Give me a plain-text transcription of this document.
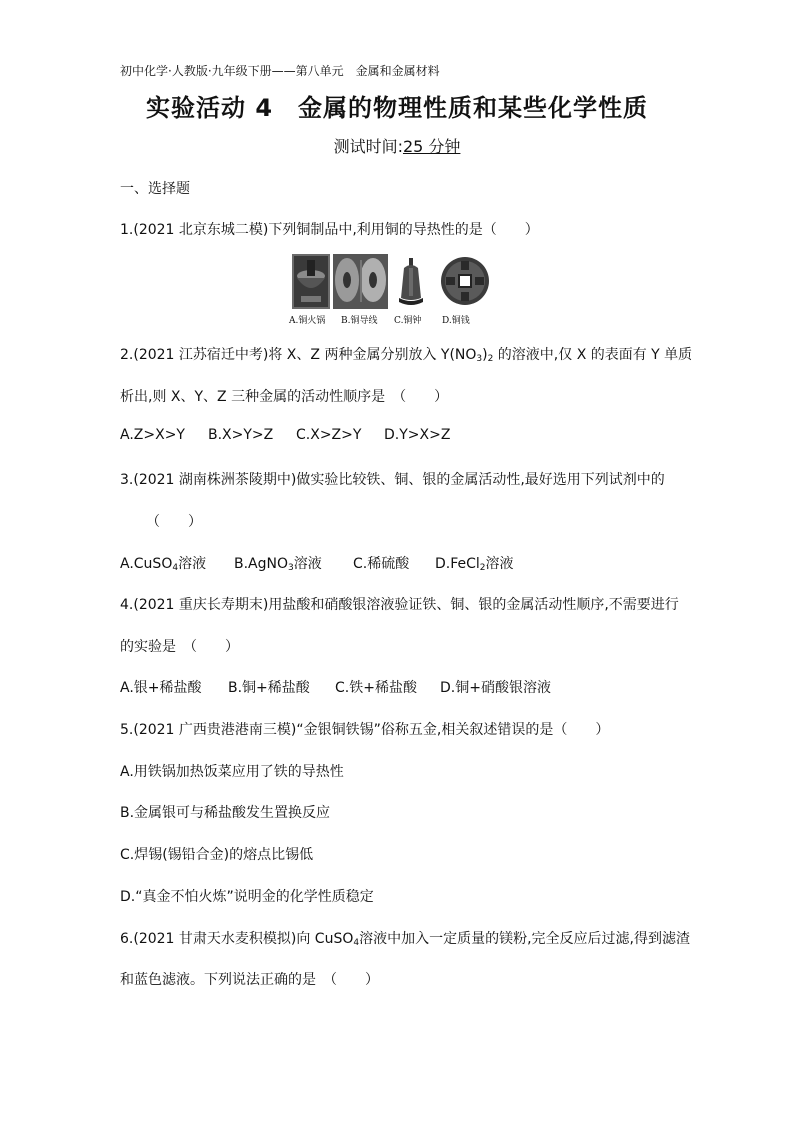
初中化学·人教版·九年级下册——第八单元　金属和金属材料
实验活动 4　金属的物理性质和某些化学性质
测试时间:25 分钟
一、选择题
1.(2021 北京东城二模)下列铜制品中,利用铜的导热性的是（　　）
A.铜火锅 B.铜导线 C.铜钟 D.铜钱
2.(2021 江苏宿迁中考)将 X、Z 两种金属分别放入 $Y(NO_3)_2$ 的溶液中,仅 X 的表面有 Y 单质
析出,则 X、Y、Z 三种金属的活动性顺序是　（　　）
A.Z>X>Y B.X>Y>Z C.X>Z>Y D.Y>X>Z
3.(2021 湖南株洲茶陵期中)做实验比较铁、铜、银的金属活动性,最好选用下列试剂中的
（　　）
A.CuSO$_4$溶液 B.AgNO$_3$溶液 C.稀硫酸 D.FeCl$_2$溶液
4.(2021 重庆长寿期末)用盐酸和硝酸银溶液验证铁、铜、银的金属活动性顺序,不需要进行
的实验是　（　　）
A.银+稀盐酸 B.铜+稀盐酸 C.铁+稀盐酸 D.铜+硝酸银溶液
5.(2021 广西贵港港南三模)“金银铜铁锡”俗称五金,相关叙述错误的是（　　）
A.用铁锅加热饭菜应用了铁的导热性
B.金属银可与稀盐酸发生置换反应
C.焊锡(锡铅合金)的熔点比锡低
D.“真金不怕火炼”说明金的化学性质稳定
6.(2021 甘肃天水麦积模拟)向 CuSO$_4$溶液中加入一定质量的镁粉,完全反应后过滤,得到滤渣
和蓝色滤液。下列说法正确的是　（　　）
